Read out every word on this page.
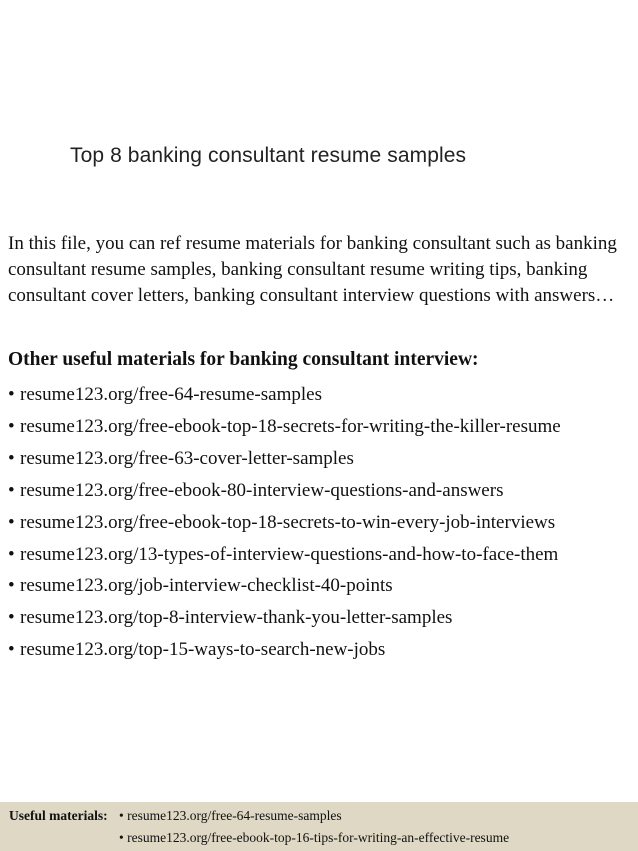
Top 8 banking consultant resume samples

In this file, you can ref resume materials for banking consultant such as banking consultant resume samples, banking consultant resume writing tips, banking consultant cover letters, banking consultant interview questions with answers…

Other useful materials for banking consultant interview:
• resume123.org/free-64-resume-samples
• resume123.org/free-ebook-top-18-secrets-for-writing-the-killer-resume
• resume123.org/free-63-cover-letter-samples
• resume123.org/free-ebook-80-interview-questions-and-answers
• resume123.org/free-ebook-top-18-secrets-to-win-every-job-interviews
• resume123.org/13-types-of-interview-questions-and-how-to-face-them
• resume123.org/job-interview-checklist-40-points
• resume123.org/top-8-interview-thank-you-letter-samples
• resume123.org/top-15-ways-to-search-new-jobs
Useful materials: • resume123.org/free-64-resume-samples
• resume123.org/free-ebook-top-16-tips-for-writing-an-effective-resume
